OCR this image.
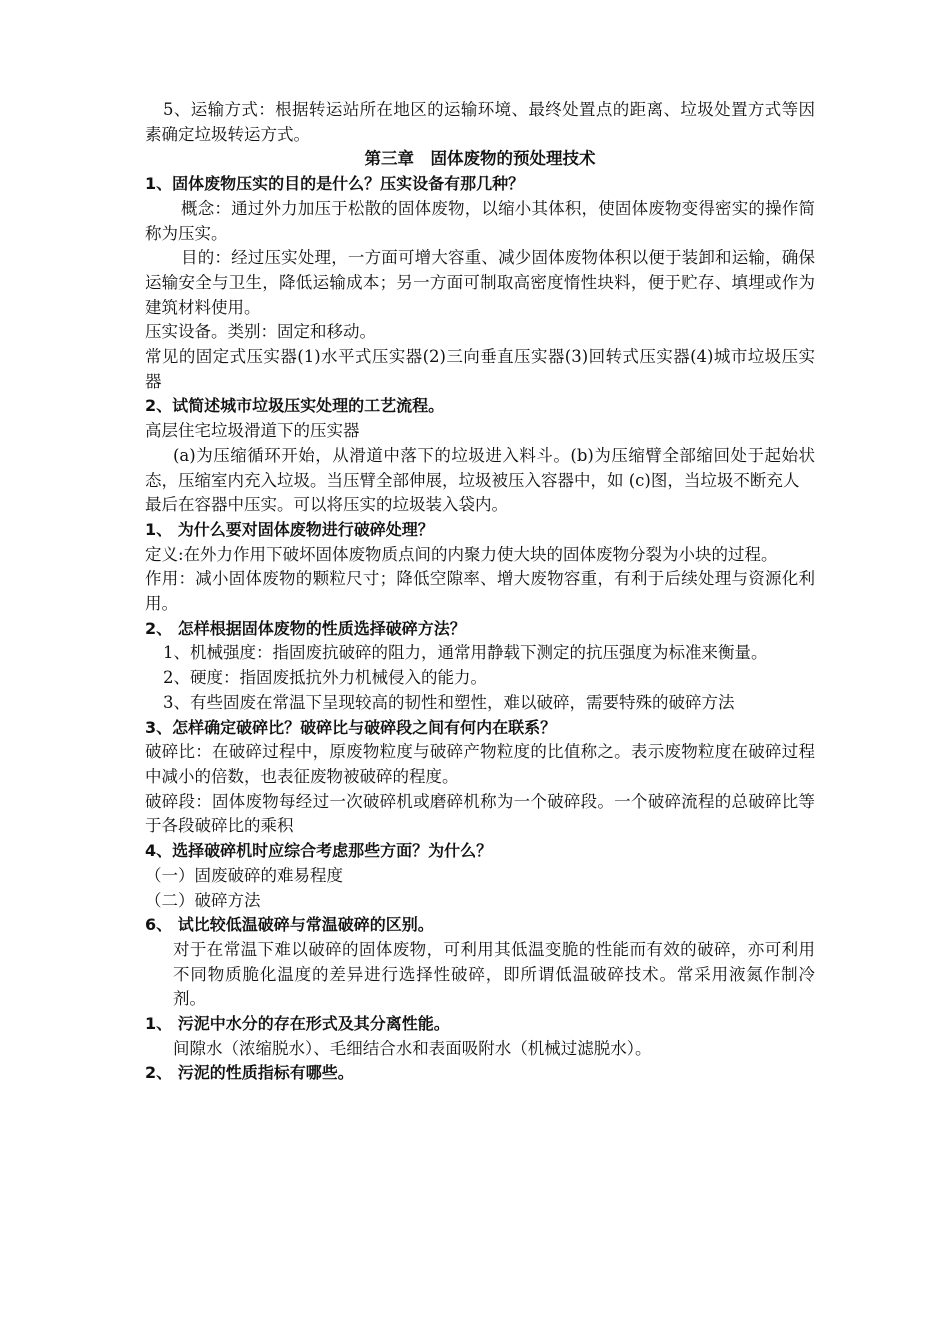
5、运输方式：根据转运站所在地区的运输环境、最终处置点的距离、垃圾处置方式等因素确定垃圾转运方式。

第三章　固体废物的预处理技术

1、固体废物压实的目的是什么？压实设备有那几种？

概念：通过外力加压于松散的固体废物，以缩小其体积，使固体废物变得密实的操作简称为压实。

目的：经过压实处理，一方面可增大容重、减少固体废物体积以便于装卸和运输，确保运输安全与卫生，降低运输成本；另一方面可制取高密度惰性块料，便于贮存、填埋或作为建筑材料使用。

压实设备。类别：固定和移动。

常见的固定式压实器(1)水平式压实器(2)三向垂直压实器(3)回转式压实器(4)城市垃圾压实器

2、试简述城市垃圾压实处理的工艺流程。

高层住宅垃圾滑道下的压实器

(a)为压缩循环开始，从滑道中落下的垃圾进入料斗。(b)为压缩臂全部缩回处于起始状态，压缩室内充入垃圾。当压臂全部伸展，垃圾被压入容器中，如 (c)图，当垃圾不断充人

最后在容器中压实。可以将压实的垃圾装入袋内。

1、 为什么要对固体废物进行破碎处理？

定义:在外力作用下破坏固体废物质点间的内聚力使大块的固体废物分裂为小块的过程。

作用：减小固体废物的颗粒尺寸；降低空隙率、增大废物容重，有利于后续处理与资源化利用。

2、 怎样根据固体废物的性质选择破碎方法？

1、机械强度：指固废抗破碎的阻力，通常用静载下测定的抗压强度为标准来衡量。

2、硬度：指固废抵抗外力机械侵入的能力。

3、有些固废在常温下呈现较高的韧性和塑性，难以破碎，需要特殊的破碎方法

3、怎样确定破碎比？破碎比与破碎段之间有何内在联系？

破碎比：在破碎过程中，原废物粒度与破碎产物粒度的比值称之。表示废物粒度在破碎过程中减小的倍数，也表征废物被破碎的程度。

破碎段：固体废物每经过一次破碎机或磨碎机称为一个破碎段。一个破碎流程的总破碎比等于各段破碎比的乘积

4、选择破碎机时应综合考虑那些方面？为什么？

（一）固废破碎的难易程度

（二）破碎方法

6、 试比较低温破碎与常温破碎的区别。

对于在常温下难以破碎的固体废物，可利用其低温变脆的性能而有效的破碎，亦可利用不同物质脆化温度的差异进行选择性破碎，即所谓低温破碎技术。常采用液氮作制冷剂。

1、 污泥中水分的存在形式及其分离性能。

间隙水（浓缩脱水）、毛细结合水和表面吸附水（机械过滤脱水）。

2、 污泥的性质指标有哪些。
